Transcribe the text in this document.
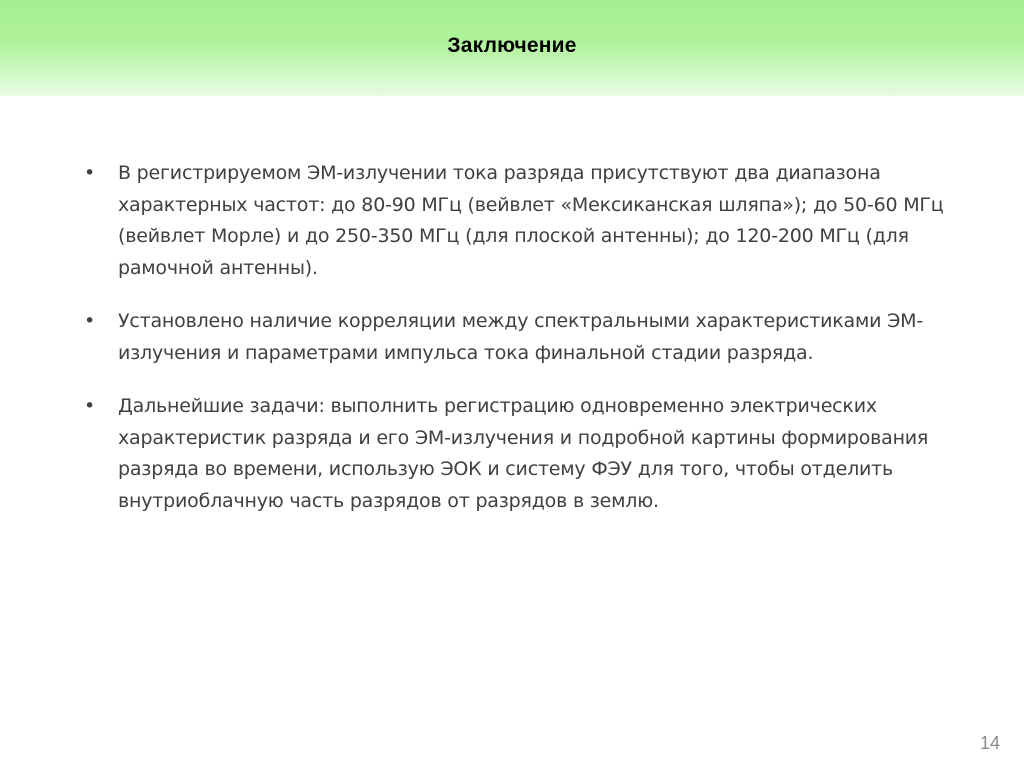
Заключение
• В регистрируемом ЭМ-излучении тока разряда присутствуют два диапазона характерных частот: до 80-90 МГц (вейвлет «Мексиканская шляпа»); до 50-60 МГц (вейвлет Морле) и до 250-350 МГц (для плоской антенны); до 120-200 МГц (для рамочной антенны).
• Установлено наличие корреляции между спектральными характеристиками ЭМ-излучения и параметрами импульса тока финальной стадии разряда.
• Дальнейшие задачи: выполнить регистрацию одновременно электрических характеристик разряда и его ЭМ-излучения и подробной картины формирования разряда во времени, использую ЭОК и систему ФЭУ для того, чтобы отделить внутриоблачную часть разрядов от разрядов в землю.
14
